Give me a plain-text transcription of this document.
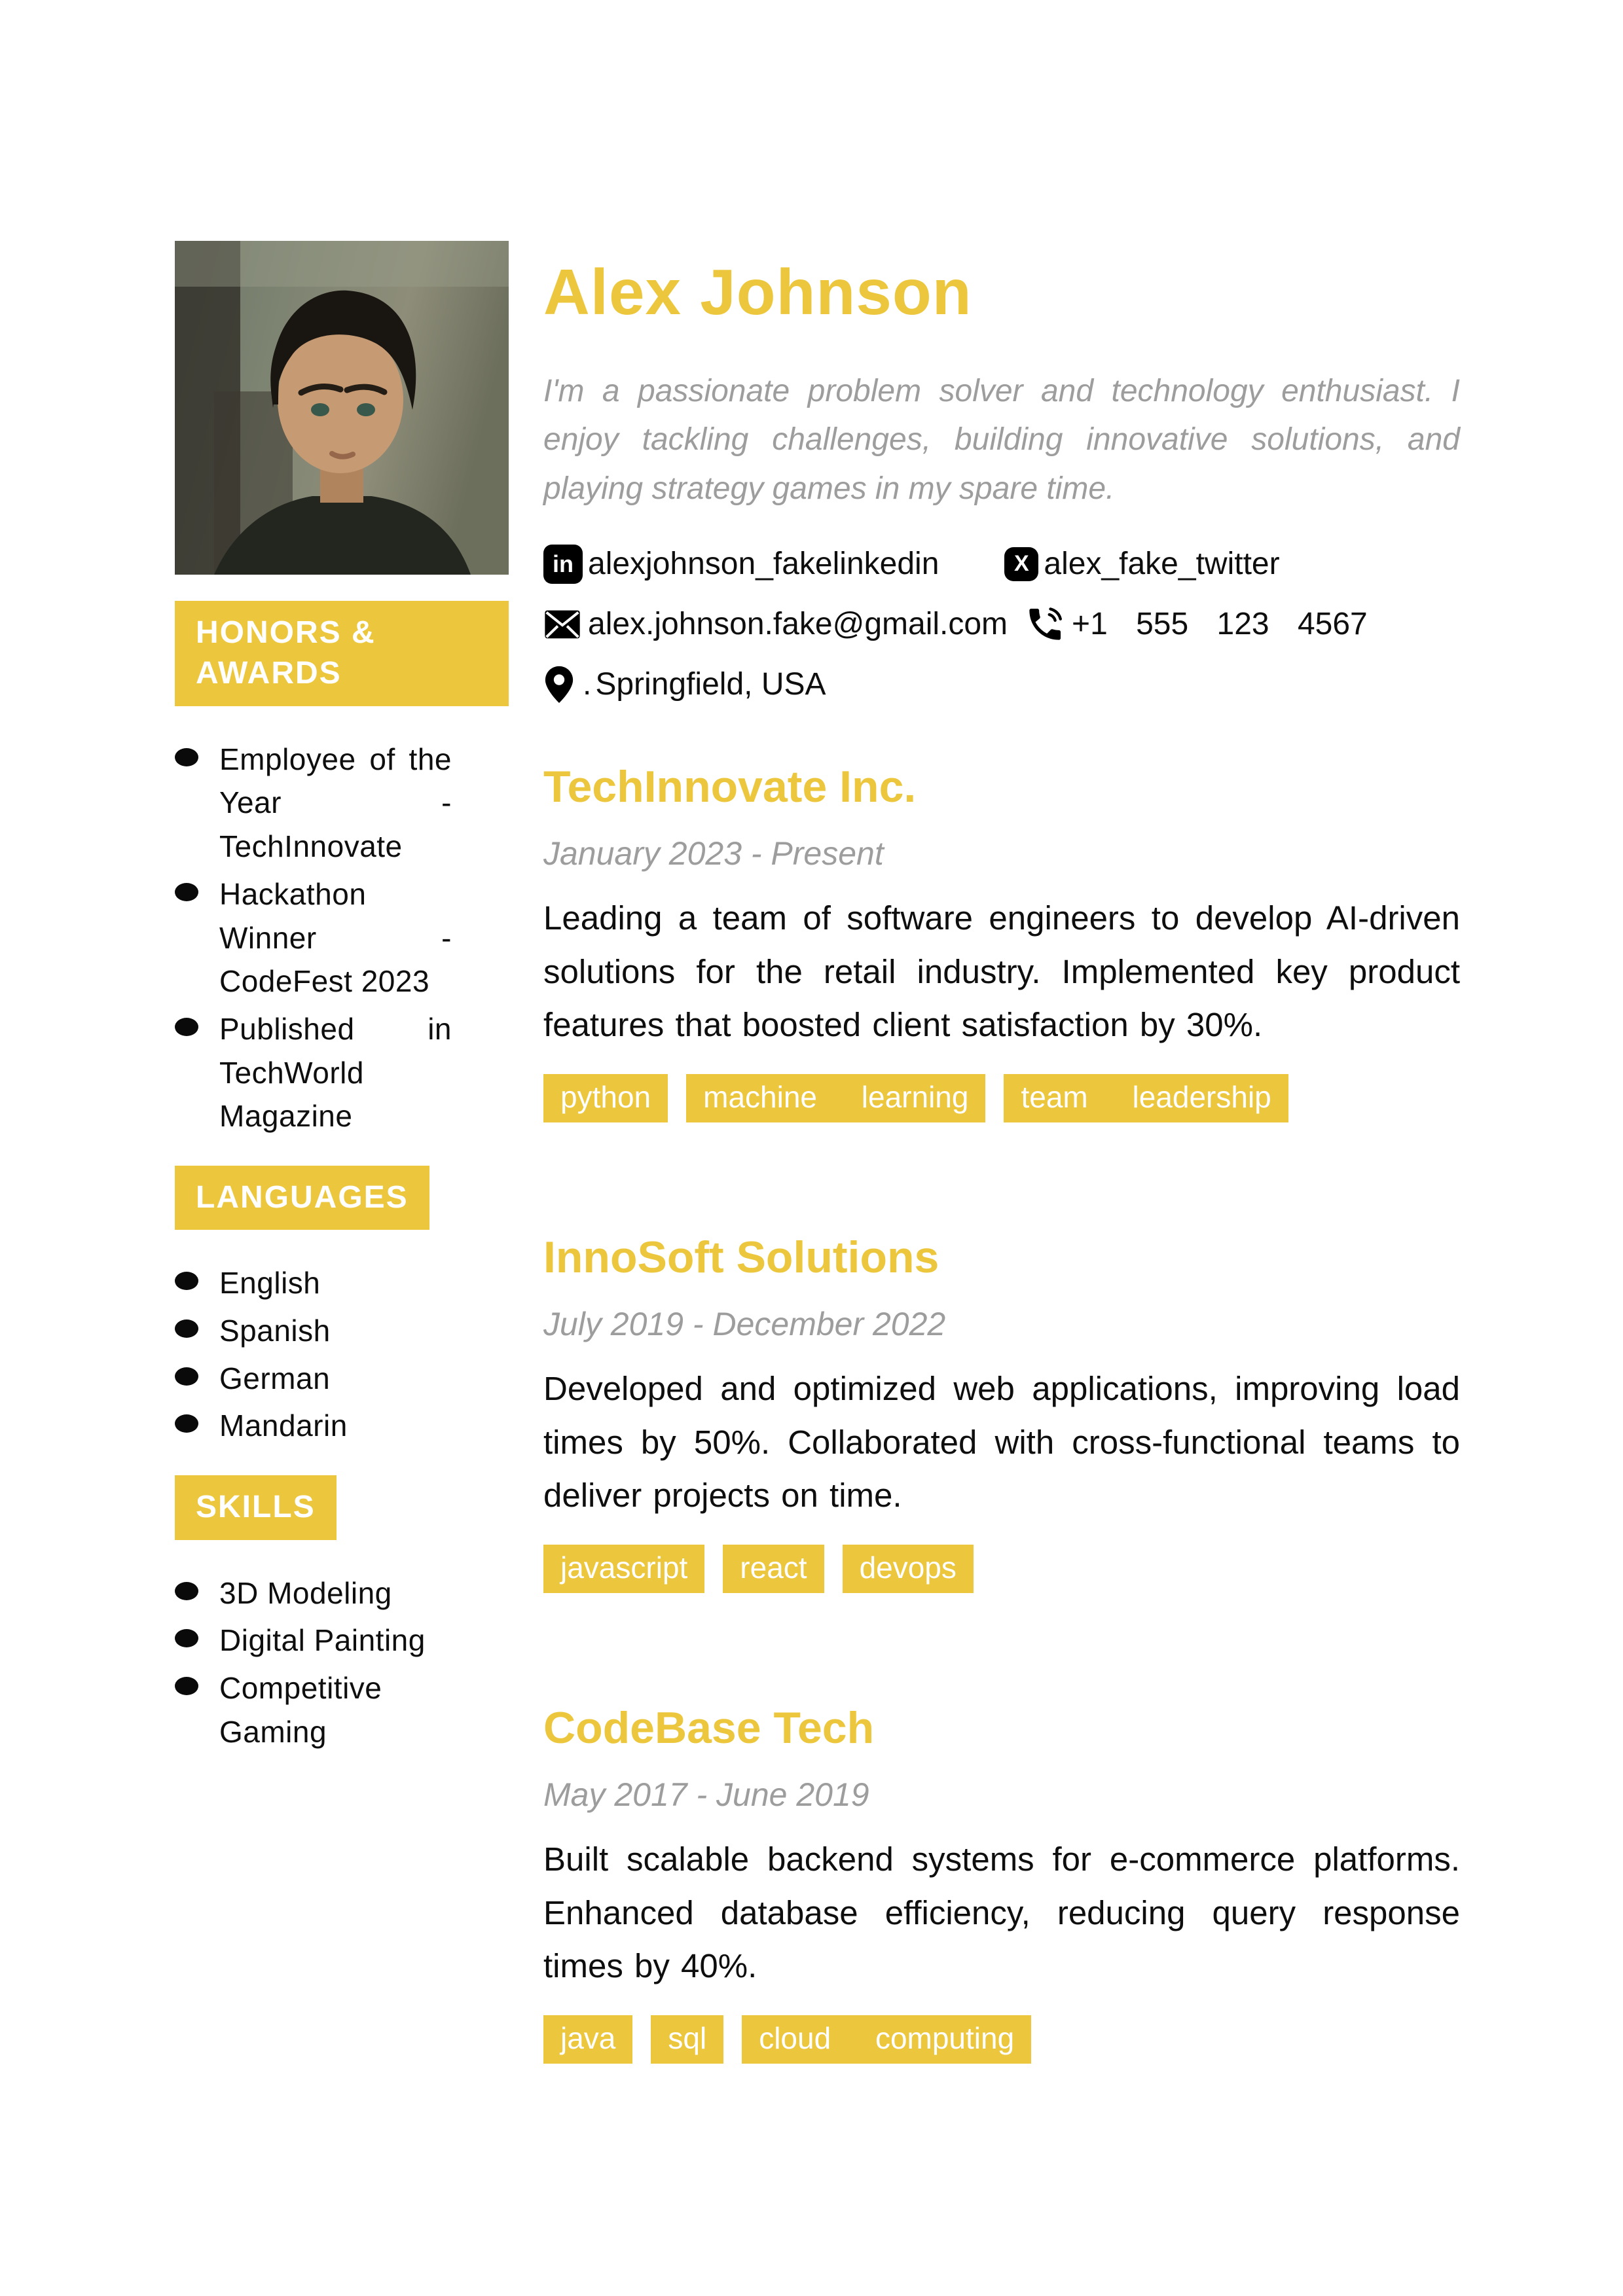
HONORS & AWARDS
Employee of the Year - TechInnovate
Hackathon Winner - CodeFest 2023
Published in TechWorld Magazine
LANGUAGES
English
Spanish
German
Mandarin
SKILLS
3D Modeling
Digital Painting
Competitive Gaming
Alex Johnson

I'm a passionate problem solver and technology enthusiast. I enjoy tackling challenges, building innovative solutions, and playing strategy games in my spare time.

in alexjohnson_fakelinkedin	X alex_fake_twitter
alex.johnson.fake@gmail.com +1 555 123 4567
. Springfield, USA
TechInnovate Inc.

January 2023 - Present

Leading a team of software engineers to develop AI-driven solutions for the retail industry. Implemented key product features that boosted client satisfaction by 30%.

python	machine learning	team leadership
InnoSoft Solutions

July 2019 - December 2022

Developed and optimized web applications, improving load times by 50%. Collaborated with cross-functional teams to deliver projects on time.

javascript	react	devops
CodeBase Tech

May 2017 - June 2019

Built scalable backend systems for e-commerce platforms. Enhanced database efficiency, reducing query response times by 40%.

java	sql	cloud computing
